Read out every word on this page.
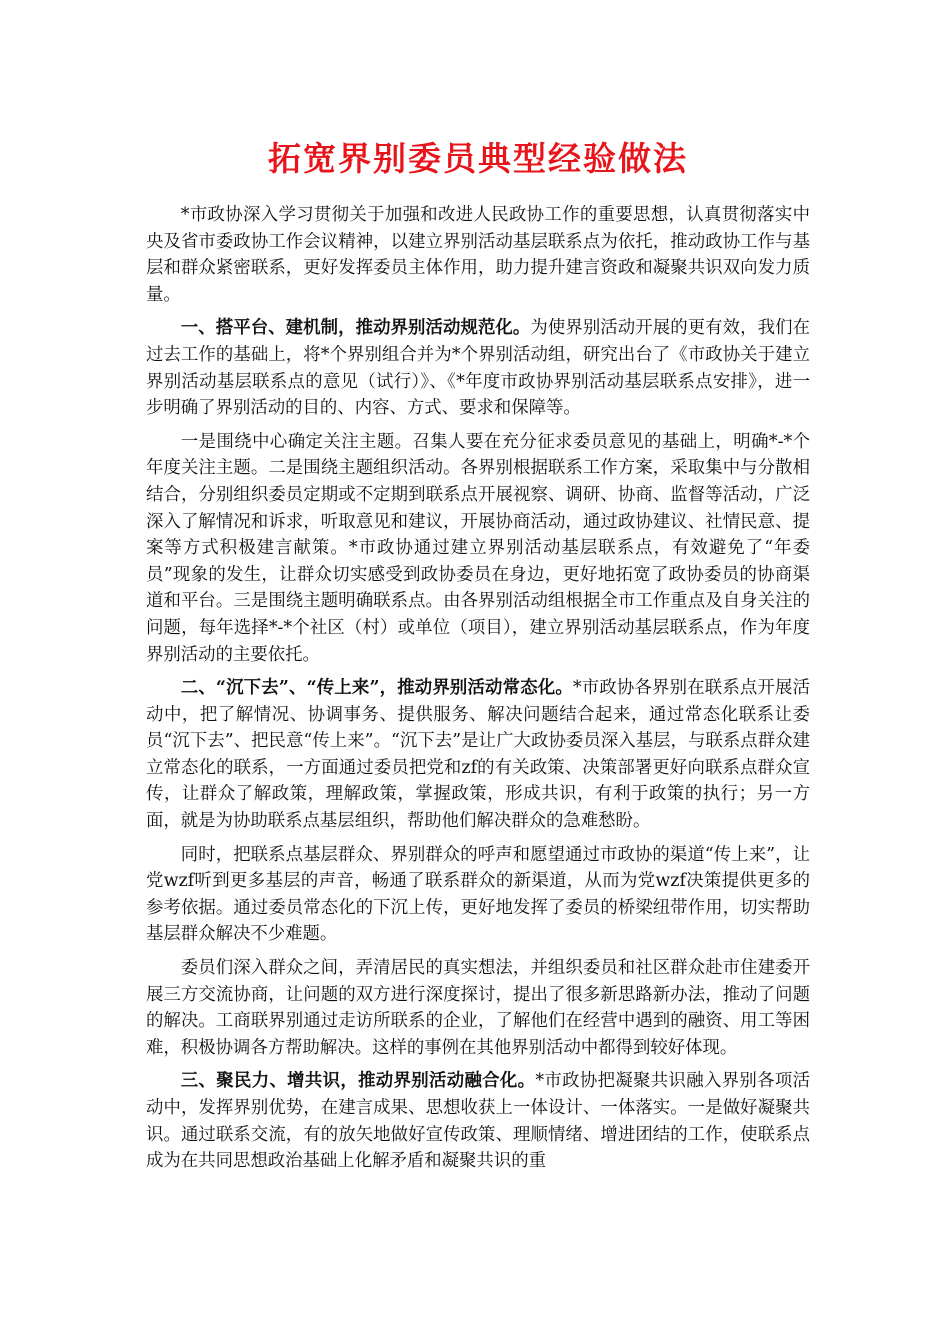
拓宽界别委员典型经验做法

*市政协深入学习贯彻关于加强和改进人民政协工作的重要思想，认真贯彻落实中央及省市委政协工作会议精神，以建立界别活动基层联系点为依托，推动政协工作与基层和群众紧密联系，更好发挥委员主体作用，助力提升建言资政和凝聚共识双向发力质量。

一、搭平台、建机制，推动界别活动规范化。为使界别活动开展的更有效，我们在过去工作的基础上，将*个界别组合并为*个界别活动组，研究出台了《市政协关于建立界别活动基层联系点的意见（试行）》、《*年度市政协界别活动基层联系点安排》，进一步明确了界别活动的目的、内容、方式、要求和保障等。

一是围绕中心确定关注主题。召集人要在充分征求委员意见的基础上，明确*-*个年度关注主题。二是围绕主题组织活动。各界别根据联系工作方案，采取集中与分散相结合，分别组织委员定期或不定期到联系点开展视察、调研、协商、监督等活动，广泛深入了解情况和诉求，听取意见和建议，开展协商活动，通过政协建议、社情民意、提案等方式积极建言献策。*市政协通过建立界别活动基层联系点，有效避免了“年委员”现象的发生，让群众切实感受到政协委员在身边，更好地拓宽了政协委员的协商渠道和平台。三是围绕主题明确联系点。由各界别活动组根据全市工作重点及自身关注的问题，每年选择*-*个社区（村）或单位（项目），建立界别活动基层联系点，作为年度界别活动的主要依托。

二、“沉下去”、“传上来”，推动界别活动常态化。*市政协各界别在联系点开展活动中，把了解情况、协调事务、提供服务、解决问题结合起来，通过常态化联系让委员“沉下去”、把民意“传上来”。“沉下去”是让广大政协委员深入基层，与联系点群众建立常态化的联系，一方面通过委员把党和zf的有关政策、决策部署更好向联系点群众宣传，让群众了解政策，理解政策，掌握政策，形成共识，有利于政策的执行；另一方面，就是为协助联系点基层组织，帮助他们解决群众的急难愁盼。

同时，把联系点基层群众、界别群众的呼声和愿望通过市政协的渠道“传上来”，让党wzf听到更多基层的声音，畅通了联系群众的新渠道，从而为党wzf决策提供更多的参考依据。通过委员常态化的下沉上传，更好地发挥了委员的桥梁纽带作用，切实帮助基层群众解决不少难题。

委员们深入群众之间，弄清居民的真实想法，并组织委员和社区群众赴市住建委开展三方交流协商，让问题的双方进行深度探讨，提出了很多新思路新办法，推动了问题的解决。工商联界别通过走访所联系的企业，了解他们在经营中遇到的融资、用工等困难，积极协调各方帮助解决。这样的事例在其他界别活动中都得到较好体现。

三、聚民力、增共识，推动界别活动融合化。*市政协把凝聚共识融入界别各项活动中，发挥界别优势，在建言成果、思想收获上一体设计、一体落实。一是做好凝聚共识。通过联系交流，有的放矢地做好宣传政策、理顺情绪、增进团结的工作，使联系点成为在共同思想政治基础上化解矛盾和凝聚共识的重
